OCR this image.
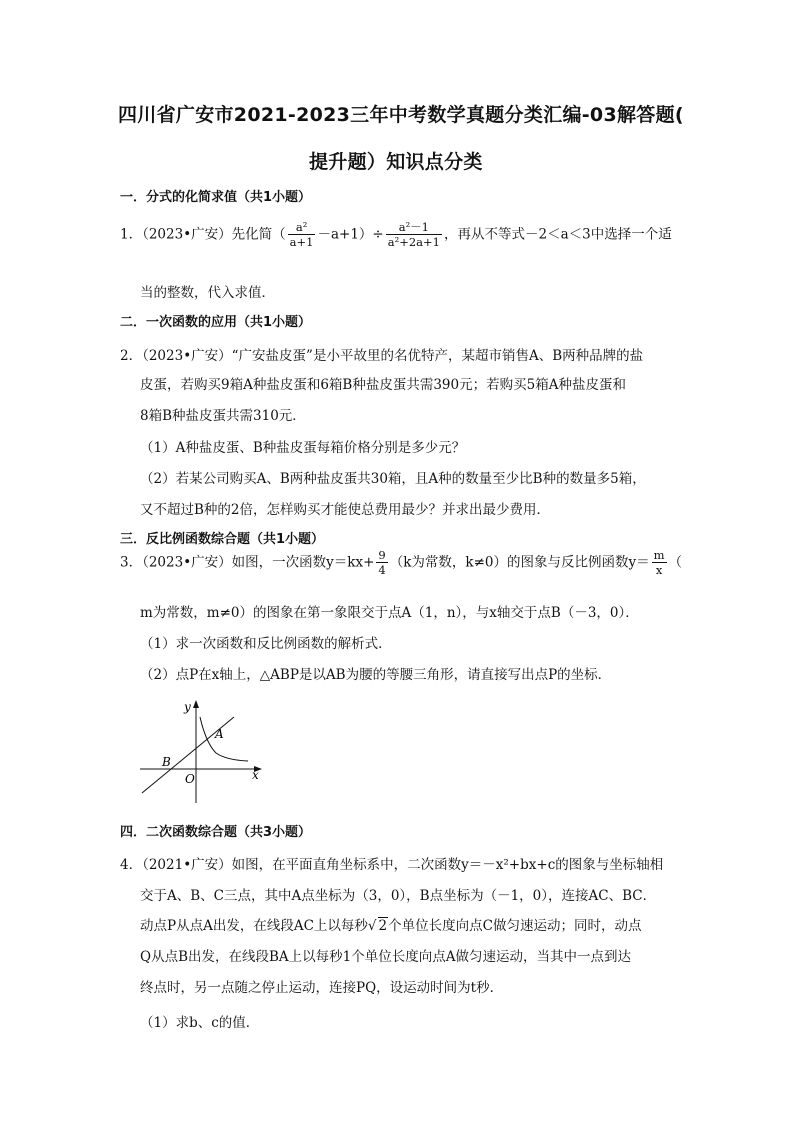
四川省广安市2021-2023三年中考数学真题分类汇编-03解答题(
提升题）知识点分类
一．分式的化简求值（共1小题）
1．（2023•广安）先化简（ $\frac{\text{a²}}{a+1} -a+1)\div \frac{\text{a²－1}}{\text{a²+2a+1}}$ ，再从不等式－2＜a＜3中选择一个适
当的整数，代入求值．
二．一次函数的应用（共1小题）
2．（2023•广安）“广安盐皮蛋”是小平故里的名优特产，某超市销售A、B两种品牌的盐
皮蛋，若购买9箱A种盐皮蛋和6箱B种盐皮蛋共需390元；若购买5箱A种盐皮蛋和
8箱B种盐皮蛋共需310元．
（1）A种盐皮蛋、B种盐皮蛋每箱价格分别是多少元？
（2）若某公司购买A、B两种盐皮蛋共30箱，且A种的数量至少比B种的数量多5箱，
又不超过B种的2倍，怎样购买才能使总费用最少？并求出最少费用．
三．反比例函数综合题（共1小题）
3．（2023•广安）如图，一次函数$y=kx+ \frac{9}{4} (k$为常数，k≠0）的图象与反比例函数$y= \frac{m}{x}$ （
m为常数，m≠0）的图象在第一象限交于点A（1，n），与x轴交于点B（－3，0）．
（1）求一次函数和反比例函数的解析式．
（2）点P在x轴上，△ABP是以AB为腰的等腰三角形，请直接写出点P的坐标．
y
x
A
B
O
四．二次函数综合题（共3小题）
4．（2021•广安）如图，在平面直角坐标系中，二次函数y＝－x²+bx+c的图象与坐标轴相
交于A、B、C三点，其中A点坐标为（3，0），B点坐标为（－1，0），连接AC、BC．
动点P从点A出发，在线段AC上以每秒√ 2个单位长度向点C做匀速运动；同时，动点
Q从点B出发，在线段BA上以每秒1个单位长度向点A做匀速运动，当其中一点到达
终点时，另一点随之停止运动，连接PQ，设运动时间为t秒．
（1）求b、c的值．
